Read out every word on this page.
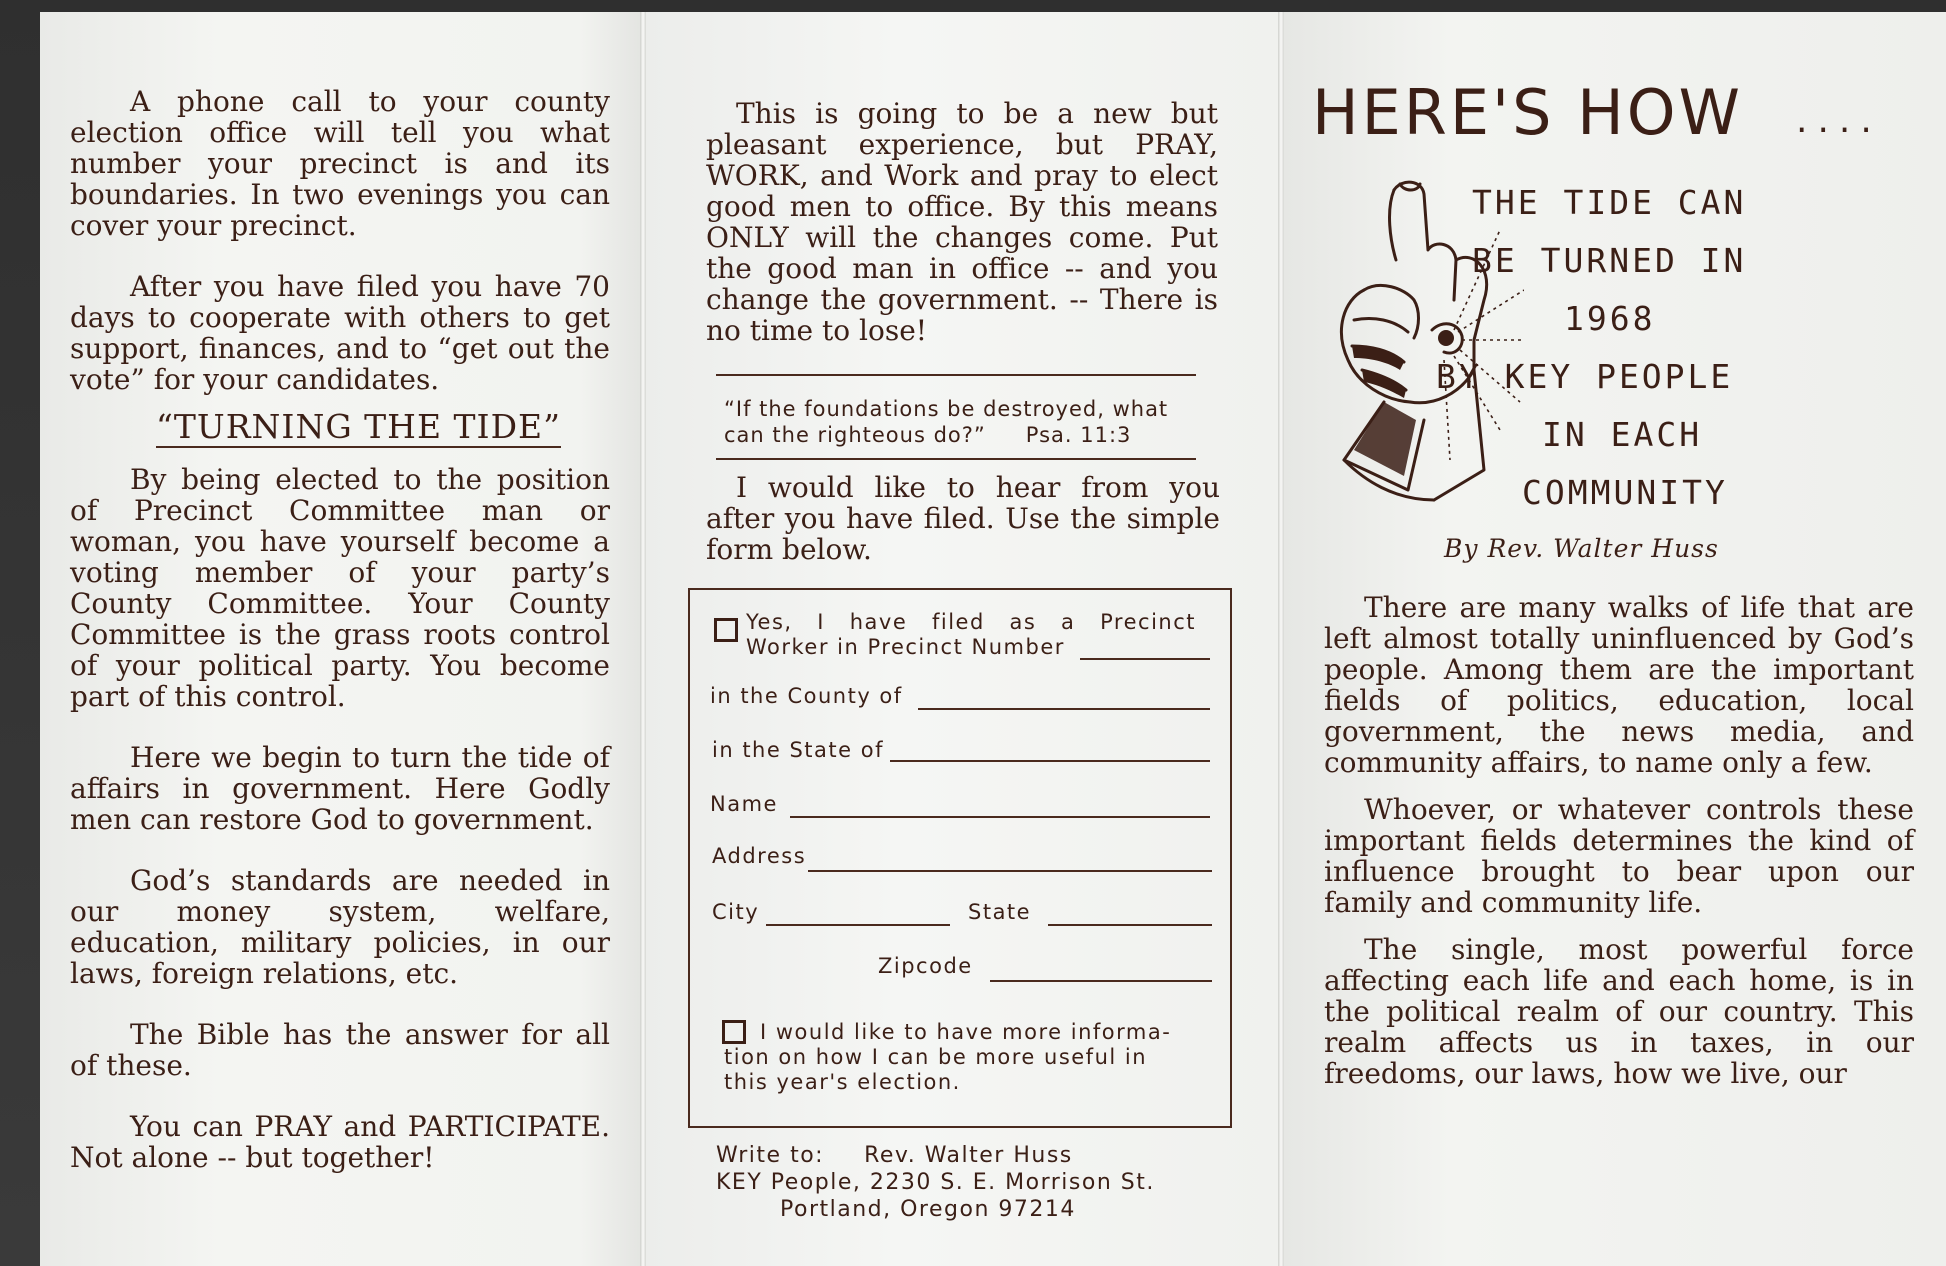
A phone call to your county election office will tell you what number your precinct is and its boundaries. In two evenings you can cover your precinct.

After you have filed you have 70 days to cooperate with others to get support, finances, and to “get out the vote” for your candidates.

“TURNING THE TIDE”

By being elected to the position of Precinct Committee man or woman, you have yourself become a voting member of your party’s County Committee. Your County Committee is the grass roots control of your political party. You become part of this control.

Here we begin to turn the tide of affairs in government. Here Godly men can restore God to government.

God’s standards are needed in our money system, welfare, education, military policies, in our laws, foreign relations, etc.

The Bible has the answer for all of these.

You can PRAY and PARTICIPATE. Not alone -- but together!

This is going to be a new but pleasant experience, but PRAY, WORK, and Work and pray to elect good men to office. By this means ONLY will the changes come. Put the good man in office -- and you change the government. -- There is no time to lose!

“If the foundations be destroyed, what
can the righteous do?” Psa. 11:3

I would like to hear from you after you have filed. Use the simple form below.

Yes, I have filed as a Precinct
Worker in Precinct Number
in the County of
in the State of
Name
Address
City	State
Zipcode
I would like to have more informa-
tion on how I can be more useful in
this year's election.
Write to: Rev. Walter Huss
KEY People, 2230 S. E. Morrison St.
Portland, Oregon 97214
HERE'S HOW ....
THE TIDE CAN
BE TURNED IN
1968
BY KEY PEOPLE
IN EACH
COMMUNITY
By Rev. Walter Huss

There are many walks of life that are left almost totally uninfluenced by God’s people. Among them are the important fields of politics, education, local government, the news media, and community affairs, to name only a few.

Whoever, or whatever controls these important fields determines the kind of influence brought to bear upon our family and community life.

The single, most powerful force affecting each life and each home, is in the political realm of our country. This realm affects us in taxes, in our freedoms, our laws, how we live, our
